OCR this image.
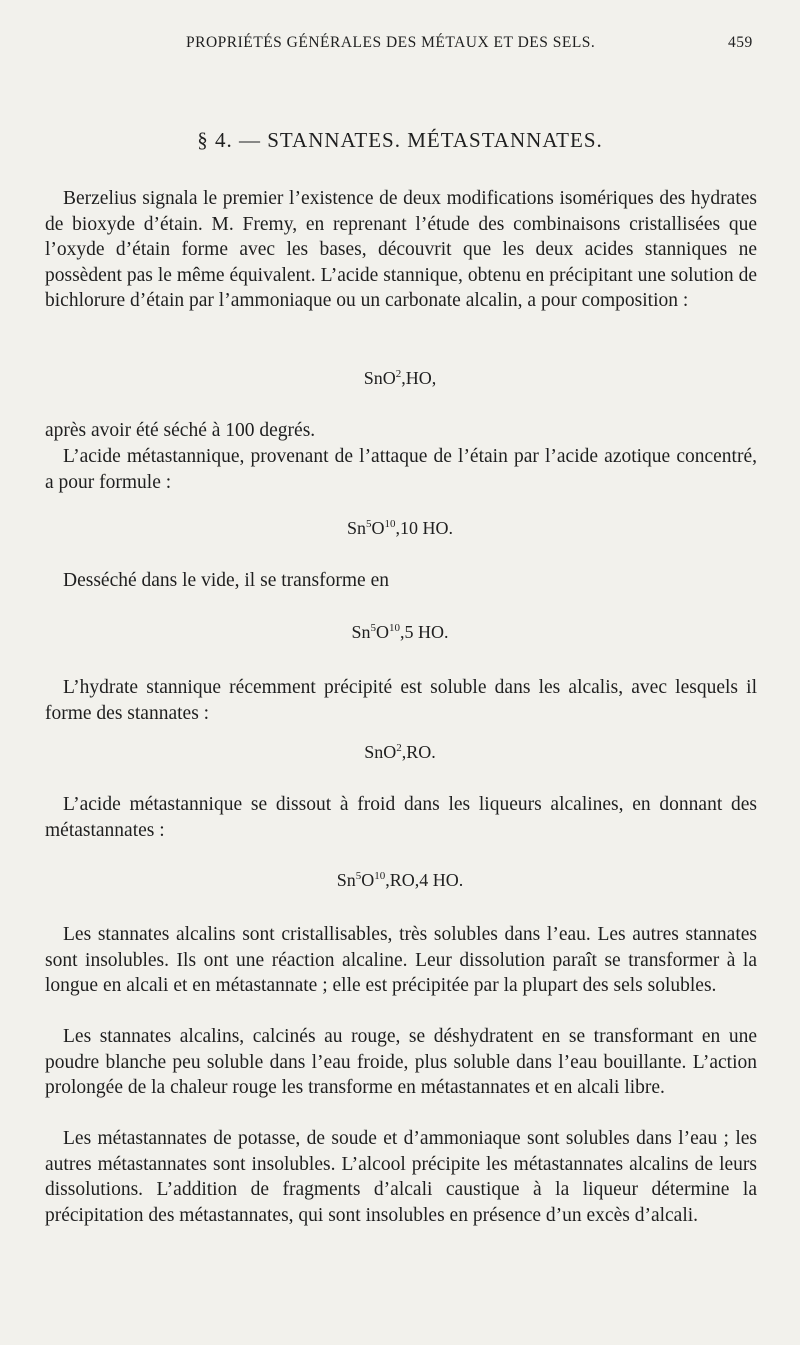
PROPRIÉTÉS GÉNÉRALES DES MÉTAUX ET DES SELS.	459
§ 4. — STANNATES. MÉTASTANNATES.

Berzelius signala le premier l’existence de deux modifications isomériques des hydrates de bioxyde d’étain. M. Fremy, en reprenant l’étude des combinaisons cristallisées que l’oxyde d’étain forme avec les bases, découvrit que les deux acides stanniques ne possèdent pas le même équivalent. L’acide stannique, obtenu en précipitant une solution de bichlorure d’étain par l’ammoniaque ou un carbonate alcalin, a pour composition :

SnO$^2$,HO,

après avoir été séché à 100 degrés.

L’acide métastannique, provenant de l’attaque de l’étain par l’acide azotique concentré, a pour formule :

$Sn^5O^{10},10$ HO.

Desséché dans le vide, il se transforme en

$Sn^5O^{10},5$ HO.

L’hydrate stannique récemment précipité est soluble dans les alcalis, avec lesquels il forme des stannates :

SnO$^2$,RO.

L’acide métastannique se dissout à froid dans les liqueurs alcalines, en donnant des métastannates :

$Sn^5O^{10},RO,4$ HO.

Les stannates alcalins sont cristallisables, très solubles dans l’eau. Les autres stannates sont insolubles. Ils ont une réaction alcaline. Leur dissolution paraît se transformer à la longue en alcali et en métastannate ; elle est précipitée par la plupart des sels solubles.

Les stannates alcalins, calcinés au rouge, se déshydratent en se transformant en une poudre blanche peu soluble dans l’eau froide, plus soluble dans l’eau bouillante. L’action prolongée de la chaleur rouge les transforme en métastannates et en alcali libre.

Les métastannates de potasse, de soude et d’ammoniaque sont solubles dans l’eau ; les autres métastannates sont insolubles. L’alcool précipite les métastannates alcalins de leurs dissolutions. L’addition de fragments d’alcali caustique à la liqueur détermine la précipitation des métastannates, qui sont insolubles en présence d’un excès d’alcali.
